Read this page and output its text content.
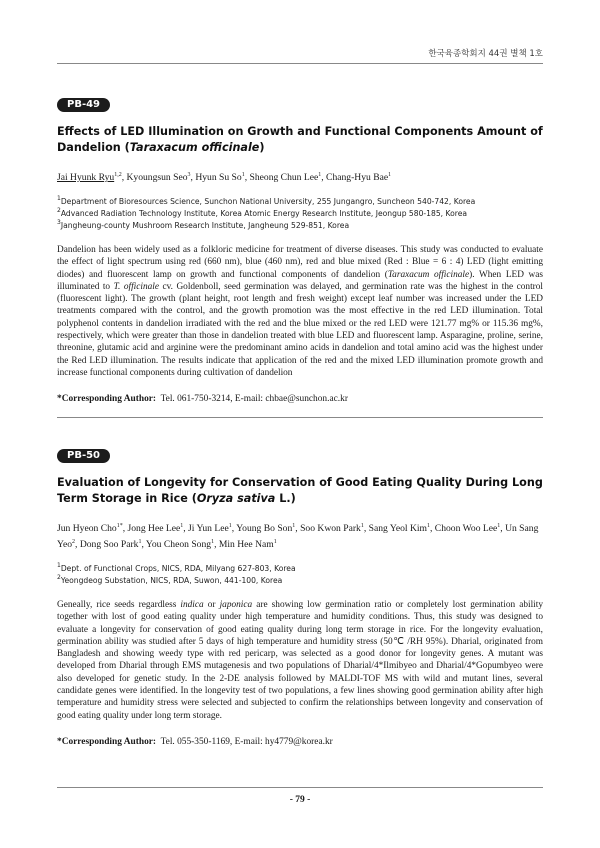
한국육종학회지 44권 별책 1호
PB-49
Effects of LED Illumination on Growth and Functional Components Amount of Dandelion (Taraxacum officinale)
Jai Hyunk Ryu$^{1,2}$, Kyoungsun Seo$^3$, Hyun Su So$^1$, Sheong Chun Lee$^1$, Chang-Hyu Bae$^1$
$^1$Department of Bioresources Science, Sunchon National University, 255 Jungangro, Suncheon 540-742, Korea
$^2$Advanced Radiation Technology Institute, Korea Atomic Energy Research Institute, Jeongup 580-185, Korea
$^3$Jangheung-county Mushroom Research Institute, Jangheung 529-851, Korea
Dandelion has been widely used as a folkloric medicine for treatment of diverse diseases. This study was conducted to evaluate the effect of light spectrum using red (660 nm), blue (460 nm), red and blue mixed (Red : Blue = 6 : 4) LED (light emitting diodes) and fluorescent lamp on growth and functional components of dandelion (Taraxacum officinale). When LED was illuminated to T. officinale cv. Goldenboll, seed germination was delayed, and germination rate was the highest in the control (fluorescent light). The growth (plant height, root length and fresh weight) except leaf number was increased under the LED treatments compared with the control, and the growth promotion was the most effective in the red LED illumination. Total polyphenol contents in dandelion irradiated with the red and the blue mixed or the red LED were 121.77 mg% or 115.36 mg%, respectively, which were greater than those in dandelion treated with blue LED and fluorescent lamp. Asparagine, proline, serine, threonine, glutamic acid and arginine were the predominant amino acids in dandelion and total amino acid was the highest under the Red LED illumination. The results indicate that application of the red and the mixed LED illumination promote growth and increase functional components during cultivation of dandelion
*Corresponding Author: Tel. 061-750-3214, E-mail: chbae@sunchon.ac.kr
PB-50
Evaluation of Longevity for Conservation of Good Eating Quality During Long Term Storage in Rice (Oryza sativa L.)
Jun Hyeon Cho$^{1*}$, Jong Hee Lee$^1$, Ji Yun Lee$^1$, Young Bo Son$^1$, Soo Kwon Park$^1$, Sang Yeol Kim$^1$, Choon Woo Lee$^1$, Un Sang Yeo$^2$, Dong Soo Park$^1$, You Cheon Song$^1$, Min Hee Nam$^1$
$^1$Dept. of Functional Crops, NICS, RDA, Milyang 627-803, Korea
$^2$Yeongdeog Substation, NICS, RDA, Suwon, 441-100, Korea
Geneally, rice seeds regardless indica or japonica are showing low germination ratio or completely lost germination ability together with lost of good eating quality under high temperature and humidity conditions. Thus, this study was designed to evaluate a longevity for conservation of good eating quality during long term storage in rice. For the longevity evaluation, germination ability was studied after 5 days of high temperature and humidity stress (50℃ /RH 95%). Dharial, originated from Bangladesh and showing weedy type with red pericarp, was selected as a good donor for longevity genes. A mutant was developed from Dharial through EMS mutagenesis and two populations of Dharial/4*Ilmibyeo and Dharial/4*Gopumbyeo were also developed for genetic study. In the 2-DE analysis followed by MALDI-TOF MS with wild and mutant lines, several candidate genes were identified. In the longevity test of two populations, a few lines showing good germination ability after high temperature and humidity stress were selected and subjected to confirm the relationships between longevity and conservation of good eating quality under long term storage.
*Corresponding Author: Tel. 055-350-1169, E-mail: hy4779@korea.kr
- 79 -
